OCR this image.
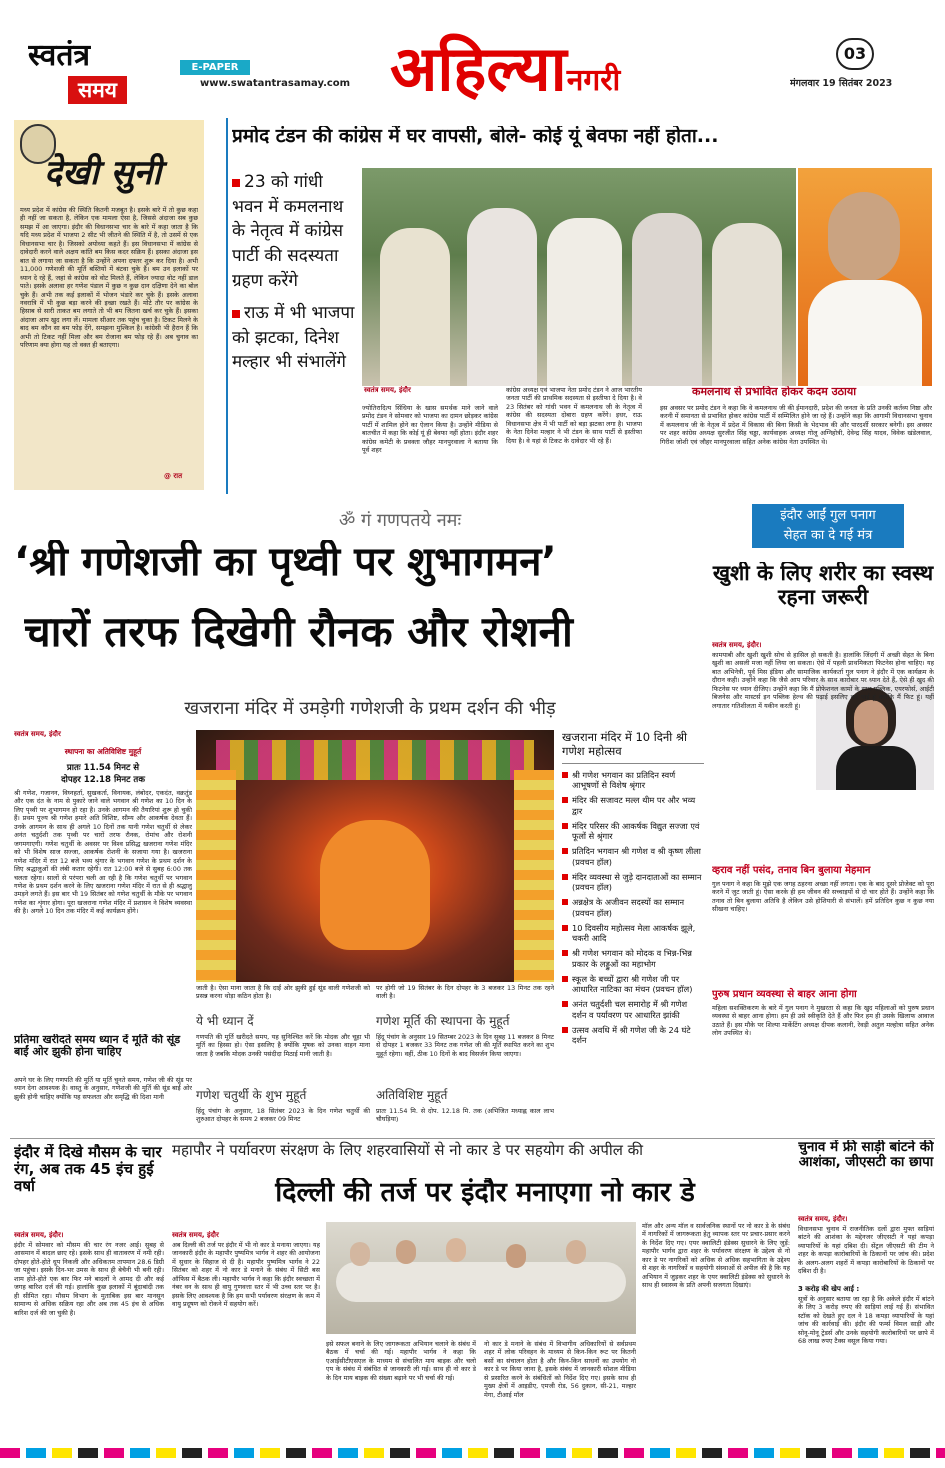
स्वतंत्र
समय
E-PAPER
www.swatantrasamay.com अहिल्यानगरी
03
मंगलवार 19 सितंबर 2023
देखी सुनी
मध्य प्रदेश में कांग्रेस की स्थिति कितनी मजबूत है। इसके बारे में तो कुछ कहा ही नहीं जा सकता है, लेकिन एक मामला ऐसा है, जिससे अंदाजा सब कुछ समझ में आ जाएगा। इंदौर की विधानसभा चार के बारे में कहा जाता है कि यदि मध्य प्रदेश में भाजपा 2 सीट भी जीतने की स्थिति में है, तो उसमें से एक विधानसभा चार है। जिसको अयोध्या कहते हैं। इस विधानसभा में कांग्रेस से दावेदारी करने वाले अक्षय कांति बम किस कदर सक्रिय हैं। इसका अंदाजा इस बात से लगाया जा सकता है कि उन्होंने अपना दफ्तर शुरू कर दिया है। अभी 11,000 गणेशजी की मूर्ति बस्तियों में बंटवा चुके हैं। बम उन इलाकों पर ध्यान दे रहे हैं, जहां से कांग्रेस को वोट मिलते हैं, लेकिन ज्यादा वोट नहीं डाल पाते। इसके अलावा हर गणेश पंडाल में कुछ न कुछ दान दक्षिणा देने का बोल चुके हैं। अभी तक कई इलाकों में भोजन भंडारे कर चुके हैं। इसके अलावा नवरात्रि में भी कुछ बड़ा करने की इच्छा रखते हैं। मोटे तौर पर कांग्रेस के हिसाब से सारी ताकत बम लगाते तो भी बम जितना खर्च कर चुके हैं। इसका अंदाजा आप खुद लगा लें। मामला सीआर तक पहुंच चुका है। टिकट मिलने के बाद बम कौन सा बम फोड़ देंगे, समझना मुश्किल है। कांग्रेसी भी हैरान हैं कि अभी तो टिकट नहीं मिला और बम रोजाना बम फोड़ रहे हैं। अब चुनाव का परिणाम क्या होगा यह तो वक्त ही बताएगा।
@ रात
प्रमोद टंडन की कांग्रेस में घर वापसी, बोले- कोई यूं बेवफा नहीं होता...
23 को गांधी भवन में कमलनाथ के नेतृत्व में कांग्रेस पार्टी की सदस्यता ग्रहण करेंगे
राऊ में भी भाजपा को झटका, दिनेश मल्हार भी संभालेंगे
स्वतंत्र समय, इंदौर	कमलनाथ से प्रभावित होकर कदम उठाया
ज्योतिरादित्य सिंधिया के खास समर्थक माने जाने वाले प्रमोद टंडन ने सोमवार को भाजपा का दामन छोड़कर कांग्रेस पार्टी में शामिल होने का ऐलान किया है। उन्होंने मीडिया से बातचीत में कहा कि कोई यूं ही बेवफा नहीं होता। इंदौर शहर कांग्रेस कमेटी के प्रवक्ता जौहर मानपुरवाला ने बताया कि पूर्व शहर
कांग्रेस अध्यक्ष एवं भाजपा नेता प्रमोद टंडन ने आज भारतीय जनता पार्टी की प्राथमिक सदस्यता से इस्तीफा दे दिया है। वे 23 सितंबर को गांधी भवन में कमलनाथ जी के नेतृत्व में कांग्रेस की सदस्यता दोबारा ग्रहण करेंगे। इधर, राऊ विधानसभा क्षेत्र में भी पार्टी को बड़ा झटका लगा है। भाजपा के नेता दिनेश मल्हार ने भी टंडन के साथ पार्टी से इस्तीफा दिया है। वे यहां से टिकट के दावेदार भी रहे हैं।
इस अवसर पर प्रमोद टंडन ने कहा कि वे कमलनाथ जी की ईमानदारी, प्रदेश की जनता के प्रति उनकी कर्तव्य निष्ठा और करनी में समानता से प्रभावित होकर कांग्रेस पार्टी में सम्मिलित होने जा रहे हैं। उन्होंने कहा कि आगामी विधानसभा चुनाव में कमलनाथ जी के नेतृत्व में प्रदेश में विकास की बिना किसी के भेदभाव की और पारदर्शी सरकार बनेगी। इस अवसर पर शहर कांग्रेस अध्यक्ष सुरजीत सिंह चड्ढा, कार्यवाहक अध्यक्ष गोलू अग्निहोत्री, देवेन्द्र सिंह यादव, विवेक खंडेलवाल, गिरीश जोशी एवं जौहर मानपुरवाला सहित अनेक कांग्रेस नेता उपस्थित थे।
ॐ गं गणपतये नमः
‘श्री गणेशजी का पृथ्वी पर शुभागमन’
चारों तरफ दिखेगी रौनक और रोशनी
खजराना मंदिर में उमड़ेगी गणेशजी के प्रथम दर्शन की भीड़
स्वतंत्र समय, इंदौर
स्थापना का अतिविशिष्ट मुहूर्त
प्रातः 11.54 मिनट से
दोपहर 12.18 मिनट तक
श्री गणेश, गजानन, विघ्नहर्ता, सुखकर्ता, विनायक, लंबोदर, एकदंत, वक्रतुंड और एक दंत के नाम से पुकारे जाने वाले भगवान श्री गणेश का 10 दिन के लिए पृथ्वी पर शुभागमन हो रहा है। उनके आगमन की तैयारियां शुरू हो चुकी हैं। प्रथम पूज्य श्री गणेश हमारे अति विशिष्ट, सौम्य और आकर्षक देवता हैं। उनके आगमन के साथ ही अगले 10 दिनों तक यानी गणेश चतुर्थी से लेकर अनंत चतुर्दशी तक पृथ्वी पर चारों तरफ रौनक, रोमांच और रोशनी जगमगाएगी। गणेश चतुर्थी के अवसर पर विश्व प्रसिद्ध खजराना गणेश मंदिर को भी विशेष साज सज्जा, आकर्षक रोशनी के सजाया गया है। खजराना गणेश मंदिर में रात 12 बजे भव्य श्रृंगार के भगवान गणेश के प्रथम दर्शन के लिए श्रद्धालुओं की लंबी कतार रहेगी। रात 12:00 बजे से सुबह 6:00 तक चलता रहेगा। सालों से परंपरा चली आ रही है कि गणेश चतुर्थी पर भगवान गणेश के प्रथम दर्शन करने के लिए खजराना गणेश मंदिर में रात से ही श्रद्धालु उमड़ने लगते हैं। इस बार भी 19 सितंबर को गणेश चतुर्थी के मौके पर भगवान गणेश का शृंगार होगा। पूरा खजराना गणेश मंदिर में प्रशासन ने विशेष व्यवस्था की है। अगले 10 दिन तक मंदिर में कई कार्यक्रम होंगे।
प्रतिमा खरीदते समय ध्यान दें मूर्ति की सूंड बाईं ओर झुकी होना चाहिए
अपने घर के लिए गणपति की मूर्ति या मूर्ति चुनते समय, गणेश जी की सूंड पर ध्यान देना आवश्यक है। वास्तु के अनुसार, गणेशजी की मूर्ति की सूंड बाईं ओर झुकी होनी चाहिए क्योंकि यह सफलता और समृद्धि की दिशा मानी
जाती है। ऐसा माना जाता है कि दाईं ओर झुकी हुई सूंड वाली गणेशजी को प्रसन्न करना थोड़ा कठिन होता है।
पर होगी जो 19 सितंबर के दिन दोपहर के 3 बजकर 13 मिनट तक रहने वाली है।
ये भी ध्यान दें
गणपति की मूर्ति खरीदते समय, यह सुनिश्चित करें कि मोदक और चूहा भी मूर्ति का हिस्सा हो। ऐसा इसलिए है क्योंकि मूषक को उनका वाहन माना जाता है जबकि मोदक उनकी पसंदीदा मिठाई मानी जाती है।
गणेश चतुर्थी के शुभ मुहूर्त
हिंदू पंचांग के अनुसार, 18 सितंबर 2023 के दिन गणेश चतुर्थी की शुरुआत दोपहर के समय 2 बजकर 09 मिनट
गणेश मूर्ति की स्थापना के मुहूर्त
हिंदू पंचांग के अनुसार 19 सितम्बर 2023 के दिन सुबह 11 बजकर 8 मिनट से दोपहर 1 बजकर 33 मिनट तक गणेश जी की मूर्ति स्थापित करने का शुभ मुहूर्त रहेगा। वहीं, ठीक 10 दिनों के बाद विसर्जन किया जाएगा।
अतिविशिष्ट मुहूर्त
प्रातः 11.54 मि. से दोप. 12.18 मि. तक (अभिजित मध्याह्न काल लाभ चौघड़िया)
खजराना मंदिर में 10 दिनी श्री गणेश महोत्सव
श्री गणेश भगवान का प्रतिदिन स्वर्ण आभूषणों से विशेष श्रृंगार
मंदिर की सजावट मल्ल थीम पर और भव्य द्वार
मंदिर परिसर की आकर्षक विद्युत सज्जा एवं फूलों से श्रृंगार
प्रतिदिन भगवान श्री गणेश व श्री कृष्ण लीला (प्रवचन हॉल)
मंदिर व्यवस्था से जुड़े दानदाताओं का सम्मान (प्रवचन हॉल)
अन्नक्षेत्र के अजीवन सदस्यों का सम्मान (प्रवचन हॉल)
10 दिवसीय महोत्सव मेला आकर्षक झूले, चकरी आदि
श्री गणेश भगवान को मोदक व भिन्न-भिन्न प्रकार के लड्डुओं का महाभोग
स्कूल के बच्चों द्वारा श्री गणेश जी पर आधारित नाटिका का मंचन (प्रवचन हॉल)
अनंत चतुर्दशी चल समारोह में श्री गणेश दर्शन व पर्यावरण पर आधारित झांकी
उत्सव अवधि में श्री गणेश जी के 24 घंटे दर्शन
इंदौर आईं गुल पनाग
सेहत का दे गई मंत्र
खुशी के लिए शरीर का स्वस्थ रहना जरूरी
स्वतंत्र समय, इंदौर।
कामयाबी और खुशी खुशी सोच से हासिल हो सकती है। हालांकि जिंदगी में अच्छी सेहत के बिना खुशी का असली मजा नहीं लिया जा सकता। ऐसे में पहली प्राथमिकता फिटनेस होना चाहिए। यह बात अभिनेत्री, पूर्व मिस इंडिया और सामाजिक कार्यकर्ता गुल पनाग ने इंदौर में एक कार्यक्रम के दौरान कही। उन्होंने कहा कि जैसे आप परिवार के साथ कारोबार पर ध्यान देते हैं, ऐसे ही खुद की फिटनेस पर ध्यान दीजिए। उन्होंने कहा कि मैं प्रोफेशनल कामों के साथ पब्लिक, एयरफोर्स, आईटी बिजनेस और मास्टर्स इन पब्लिक हेल्थ की पढ़ाई इसलिए कर पाई हूं क्योंकि मैं फिट हूं। यहीं लगातार गतिशीलता में यकीन करती हूं।
व्हराव नहीं पसंद, तनाव बिन बुलाया मेहमान
गुल पनाग ने कहा कि मुझे एक जगह ठहरना अच्छा नहीं लगता। एक के बाद दूसरे प्रोजेक्ट को पूरा करने में जुट जाती हूं। ऐसा करके ही हम जीवन की सच्चाइयों से दो चार होते हैं। उन्होंने कहा कि तनाव तो बिन बुलाया अतिथि है लेकिन उसे होशियारी से संभालें। हमें प्रतिदिन कुछ न कुछ नया सीखना चाहिए।
पुरुष प्रधान व्यवस्था से बाहर आना होगा
महिला सशक्तिकरण के बारे में गुल पनाग ने मुखरता से कहा कि खुद महिलाओं को पुरुष प्रधान व्यवस्था से बाहर आना होगा। हम ही उसे स्वीकृति देते हैं और फिर हम ही उसके खिलाफ आवाज उठाते हैं। इस मौके पर शिल्पा मार्केटिंग अध्यक्ष दीपक कलानी, रेवड़ी अतुल मल्होत्रा सहित अनेक लोग उपस्थित थे।
इंदौर में दिखे मौसम के चार रंग, अब तक 45 इंच हुई वर्षा
स्वतंत्र समय, इंदौर।
इंदौर में सोमवार को मौसम की चार रंग नजर आई। सुबह से आसमान में बादल छाए रहे। इसके साथ ही वातावरण में नमी रही। दोपहर होते-होते धूप निकली और अधिकतम तापमान 28.6 डिग्री जा पहुंचा। इसके दिन-भर उमस के साथ ही बेचैनी भी बनी रही। शाम होते-होते एक बार फिर मने बादलों ने आमद दी और कई जगह बारिश दर्ज की गई। हालांकि कुछ इलाकों में बूंदाबांदी तक ही सीमित रहा। मौसम विभाग के मुताबिक इस बार मानसून सामान्य से अधिक सक्रिय रहा और अब तक 45 इंच से अधिक बारिश दर्ज की जा चुकी है।
महापौर ने पर्यावरण संरक्षण के लिए शहरवासियों से नो कार डे पर सहयोग की अपील की
दिल्ली की तर्ज पर इंदौर मनाएगा नो कार डे
स्वतंत्र समय, इंदौर
अब दिल्ली की तर्ज पर इंदौर में भी नो कार डे मनाया जाएगा। यह जानकारी इंदौर के महापौर पुष्यमित्र भार्गव ने शहर की आयोजना में सुधार के सिहाज से दी है। महापौर पुष्यमित्र भार्गव ने 22 सितंबर को शहर में नो कार डे मनाने के संबंध में सिटी बस ऑफिस में बैठक ली। महापौर भार्गव ने कहा कि इंदौर स्वच्छता में नंबर वन के साथ ही वायु गुणवत्ता स्तर में भी उच्च स्तर पर है। इसके लिए आवश्यक है कि हम सभी पर्यावरण संरक्षण के कम में वायु प्रदूषण को रोकने में सहयोग करें।
इसे सफल बनाने के लिए जागरूकता अभियान चलाने के संबंध में बैठक में चर्चा की गई। महापौर भार्गव ने कहा कि एआईसीटीएसएल के माध्यम से संचालित माय बाइक और चलो एप के संबंध में संबंधित से जानकारी ली गई। साथ ही नो कार डे के दिन माय बाइक की संख्या बढ़ाने पर भी चर्चा की गई।
नो कार डे मनाने के संबंध में विभागीय अधिकारियों से सर्वप्रथम शहर में लोक परिवहन के माध्यम से किन-किन रूट पर कितनी बसों का संचालन होता है और किन-किन साधनों का उपयोग नो कार डे पर किया जाना है, इसके संबंध में जानकारी सोशल मीडिया से प्रसारित करने के संबंधितों को निर्देश दिए गए। इसके साथ ही मुख्य क्षेत्रों में आइडीए, एमजी रोड, 56 दुकान, सी-21, मल्हार मेगा, टीआई मॉल
मॉल और अन्य मॉल व सार्वजनिक स्थानों पर नो कार डे के संबंध में नागरिकों में जागरूकता हेतु व्यापक स्तर पर प्रचार-प्रसार करने के निर्देश दिए गए। एयर क्वालिटी इंडेक्स सुधारने के लिए जुड़ें: महापौर भार्गव द्वारा शहर के पर्यावरण संरक्षण के उद्देश्य से नो कार डे पर नागरिकों को अधिक से अधिक सहभागिता के उद्देश्य से शहर के नागरिकों व सहयोगी संस्थाओं से अपील की है कि यह अभियान में जुड़कर शहर के एयर क्वालिटी इंडेक्स को सुधारने के साथ ही स्वास्थ्य के प्रति अपनी सजगता दिखाएं।
चुनाव में फ्री साड़ी बांटने की आशंका, जीएसटी का छापा
स्वतंत्र समय, इंदौर।
विधानसभा चुनाव में राजनीतिक दलों द्वारा मुफ्त साड़ियां बांटने की आशंका के मद्देनजर जीएसटी ने यहां कपड़ा व्यापारियों के यहां दबिश दी। सेंट्रल जीएसटी की टीम ने शहर के कपड़ा कारोबारियों के ठिकानों पर जांच की। प्रदेश के अलग-अलग शहरों में कपड़ा कारोबारियों के ठिकानों पर दबिश दी है।
3 करोड़ की खेप आई :
सूत्रों के अनुसार बताया जा रहा है कि अकेले इंदौर में बांटने के लिए 3 करोड़ रुपए की साड़ियां लाई गई हैं। संभावित स्टॉक को देखते हुए दल ने 18 कपड़ा व्यापारियों के यहां जांच की कार्रवाई की। इंदौर की फर्म्स विमल साड़ी और सोनू-मोनू ट्रेडर्स और उनके सहयोगी कारोबारियों पर छापे में 68 लाख रुपए टैक्स वसूल किया गया।
